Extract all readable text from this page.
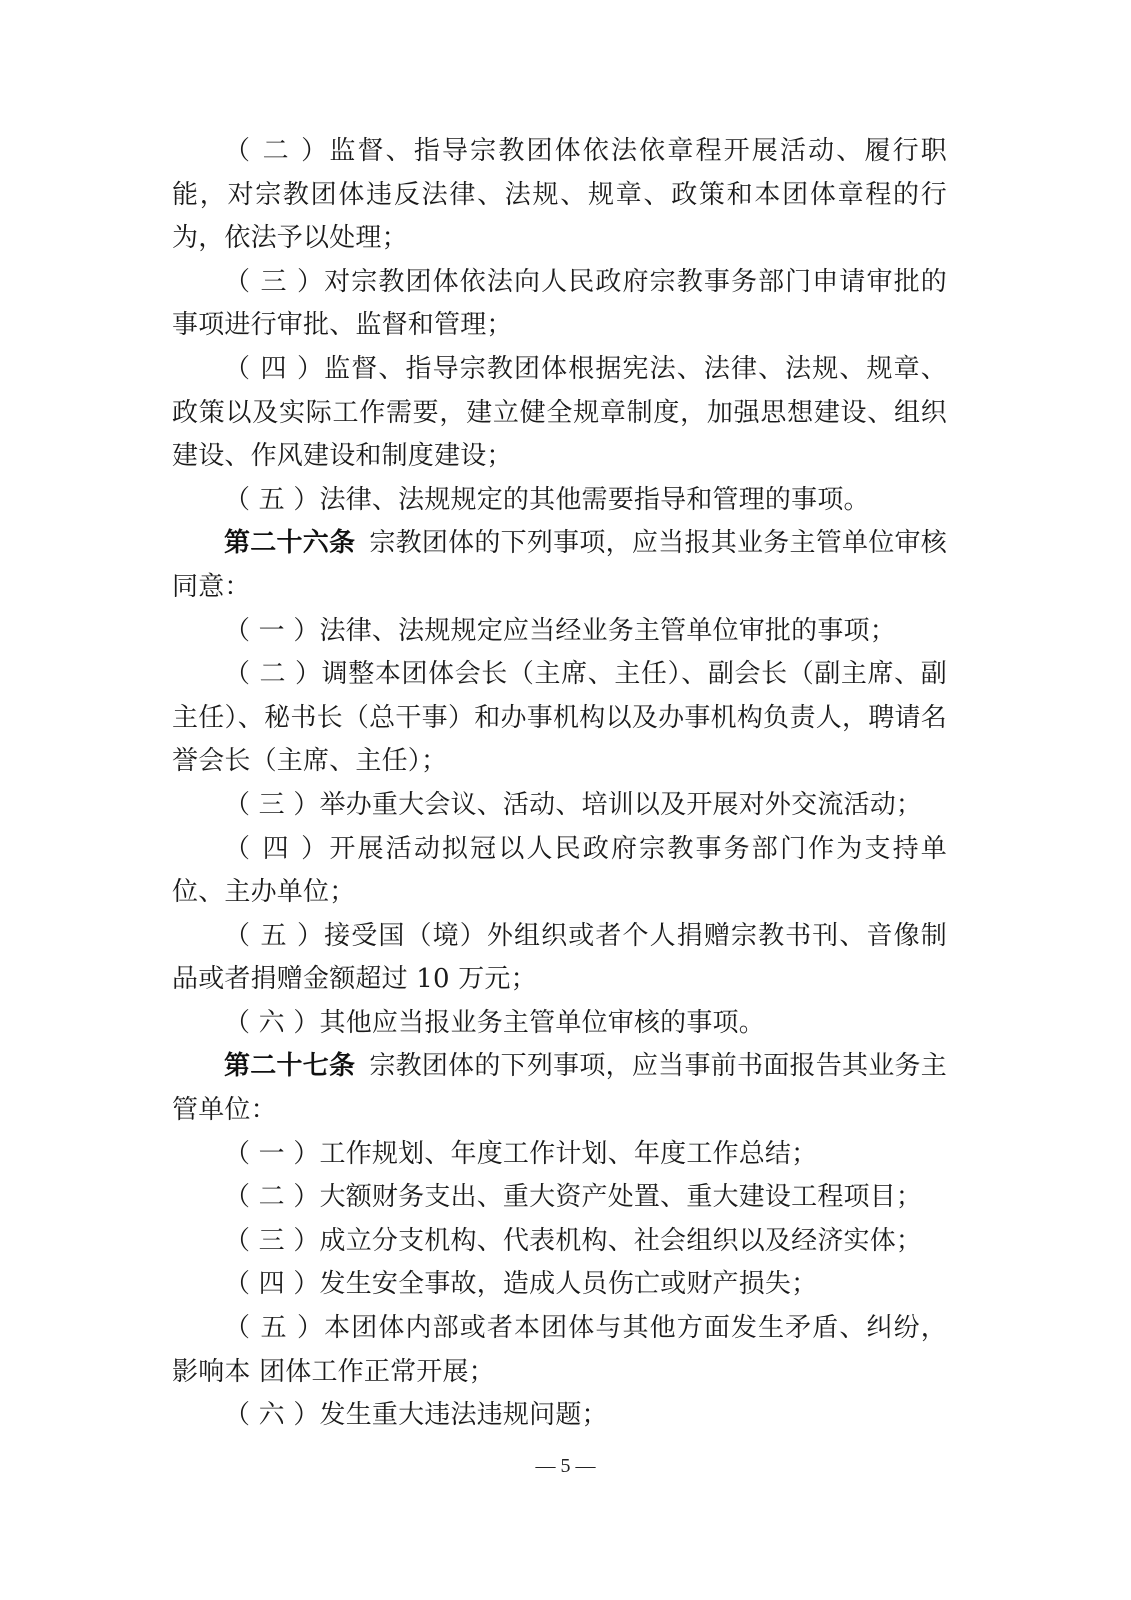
（ 二 ）监督、指导宗教团体依法依章程开展活动、履行职能，对宗教团体违反法律、法规、规章、政策和本团体章程的行为，依法予以处理；

（ 三 ）对宗教团体依法向人民政府宗教事务部门申请审批的事项进行审批、监督和管理；

（ 四 ）监督、指导宗教团体根据宪法、法律、法规、规章、政策以及实际工作需要，建立健全规章制度，加强思想建设、组织建设、作风建设和制度建设；

（ 五 ）法律、法规规定的其他需要指导和管理的事项。

第二十六条 宗教团体的下列事项，应当报其业务主管单位审核同意：

（ 一 ）法律、法规规定应当经业务主管单位审批的事项；

（ 二 ）调整本团体会长（主席、主任）、副会长（副主席、副主任）、秘书长（总干事）和办事机构以及办事机构负责人，聘请名誉会长（主席、主任）；

（ 三 ）举办重大会议、活动、培训以及开展对外交流活动；

（ 四 ）开展活动拟冠以人民政府宗教事务部门作为支持单位、主办单位；

（ 五 ）接受国（境）外组织或者个人捐赠宗教书刊、音像制品或者捐赠金额超过 10 万元；

（ 六 ）其他应当报业务主管单位审核的事项。

第二十七条 宗教团体的下列事项，应当事前书面报告其业务主管单位：

（ 一 ）工作规划、年度工作计划、年度工作总结；

（ 二 ）大额财务支出、重大资产处置、重大建设工程项目；

（ 三 ）成立分支机构、代表机构、社会组织以及经济实体；

（ 四 ）发生安全事故，造成人员伤亡或财产损失；

（ 五 ）本团体内部或者本团体与其他方面发生矛盾、纠纷，影响本 团体工作正常开展；

（ 六 ）发生重大违法违规问题；

— 5 —
